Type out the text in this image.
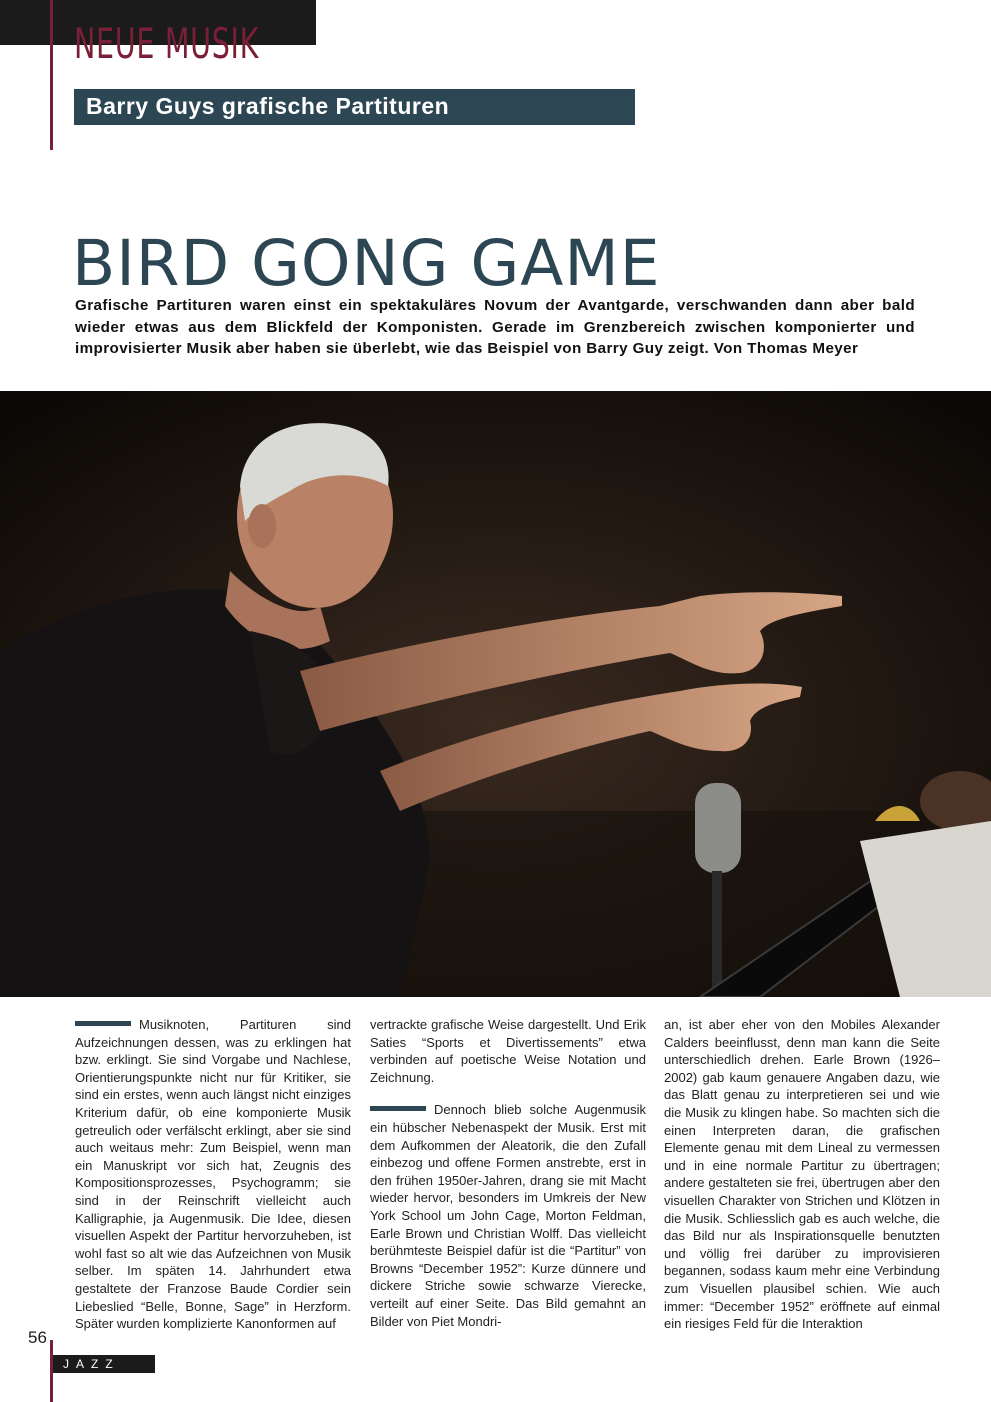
NEUE MUSIK
Barry Guys grafische Partituren
BIRD GONG GAME
Grafische Partituren waren einst ein spektakuläres Novum der Avantgarde, verschwanden dann aber bald wieder etwas aus dem Blickfeld der Komponisten. Gerade im Grenzbereich zwischen komponierter und improvisierter Musik aber haben sie überlebt, wie das Beispiel von Barry Guy zeigt. Von Thomas Meyer

Musiknoten, Partituren sind Aufzeichnungen dessen, was zu erklingen hat bzw. erklingt. Sie sind Vorgabe und Nachlese, Orientierungspunkte nicht nur für Kritiker, sie sind ein erstes, wenn auch längst nicht einziges Kriterium dafür, ob eine komponierte Musik getreulich oder verfälscht erklingt, aber sie sind auch weitaus mehr: Zum Beispiel, wenn man ein Manuskript vor sich hat, Zeugnis des Kompositionsprozesses, Psychogramm; sie sind in der Reinschrift vielleicht auch Kalligraphie, ja Augenmusik. Die Idee, diesen visuellen Aspekt der Partitur hervorzuheben, ist wohl fast so alt wie das Aufzeichnen von Musik selber. Im späten 14. Jahrhundert etwa gestaltete der Franzose Baude Cordier sein Liebeslied “Belle, Bonne, Sage” in Herzform. Später wurden komplizierte Kanonformen auf

vertrackte grafische Weise dargestellt. Und Erik Saties “Sports et Divertissements” etwa verbinden auf poetische Weise Notation und Zeichnung.

Dennoch blieb solche Augenmusik ein hübscher Nebenaspekt der Musik. Erst mit dem Aufkommen der Aleatorik, die den Zufall einbezog und offene Formen anstrebte, erst in den frühen 1950er-Jahren, drang sie mit Macht wieder hervor, besonders im Umkreis der New York School um John Cage, Morton Feldman, Earle Brown und Christian Wolff. Das vielleicht berühmteste Beispiel dafür ist die “Partitur” von Browns “December 1952”: Kurze dünnere und dickere Striche sowie schwarze Vierecke, verteilt auf einer Seite. Das Bild gemahnt an Bilder von Piet Mondri-

an, ist aber eher von den Mobiles Alexander Calders beeinflusst, denn man kann die Seite unterschiedlich drehen. Earle Brown (1926–2002) gab kaum genauere Angaben dazu, wie das Blatt genau zu interpretieren sei und wie die Musik zu klingen habe. So machten sich die einen Interpreten daran, die grafischen Elemente genau mit dem Lineal zu vermessen und in eine normale Partitur zu übertragen; andere gestalteten sie frei, übertrugen aber den visuellen Charakter von Strichen und Klötzen in die Musik. Schliesslich gab es auch welche, die das Bild nur als Inspirationsquelle benutzten und völlig frei darüber zu improvisieren begannen, sodass kaum mehr eine Verbindung zum Visuellen plausibel schien. Wie auch immer: “December 1952” eröffnete auf einmal ein riesiges Feld für die Interaktion

56
JAZZ
